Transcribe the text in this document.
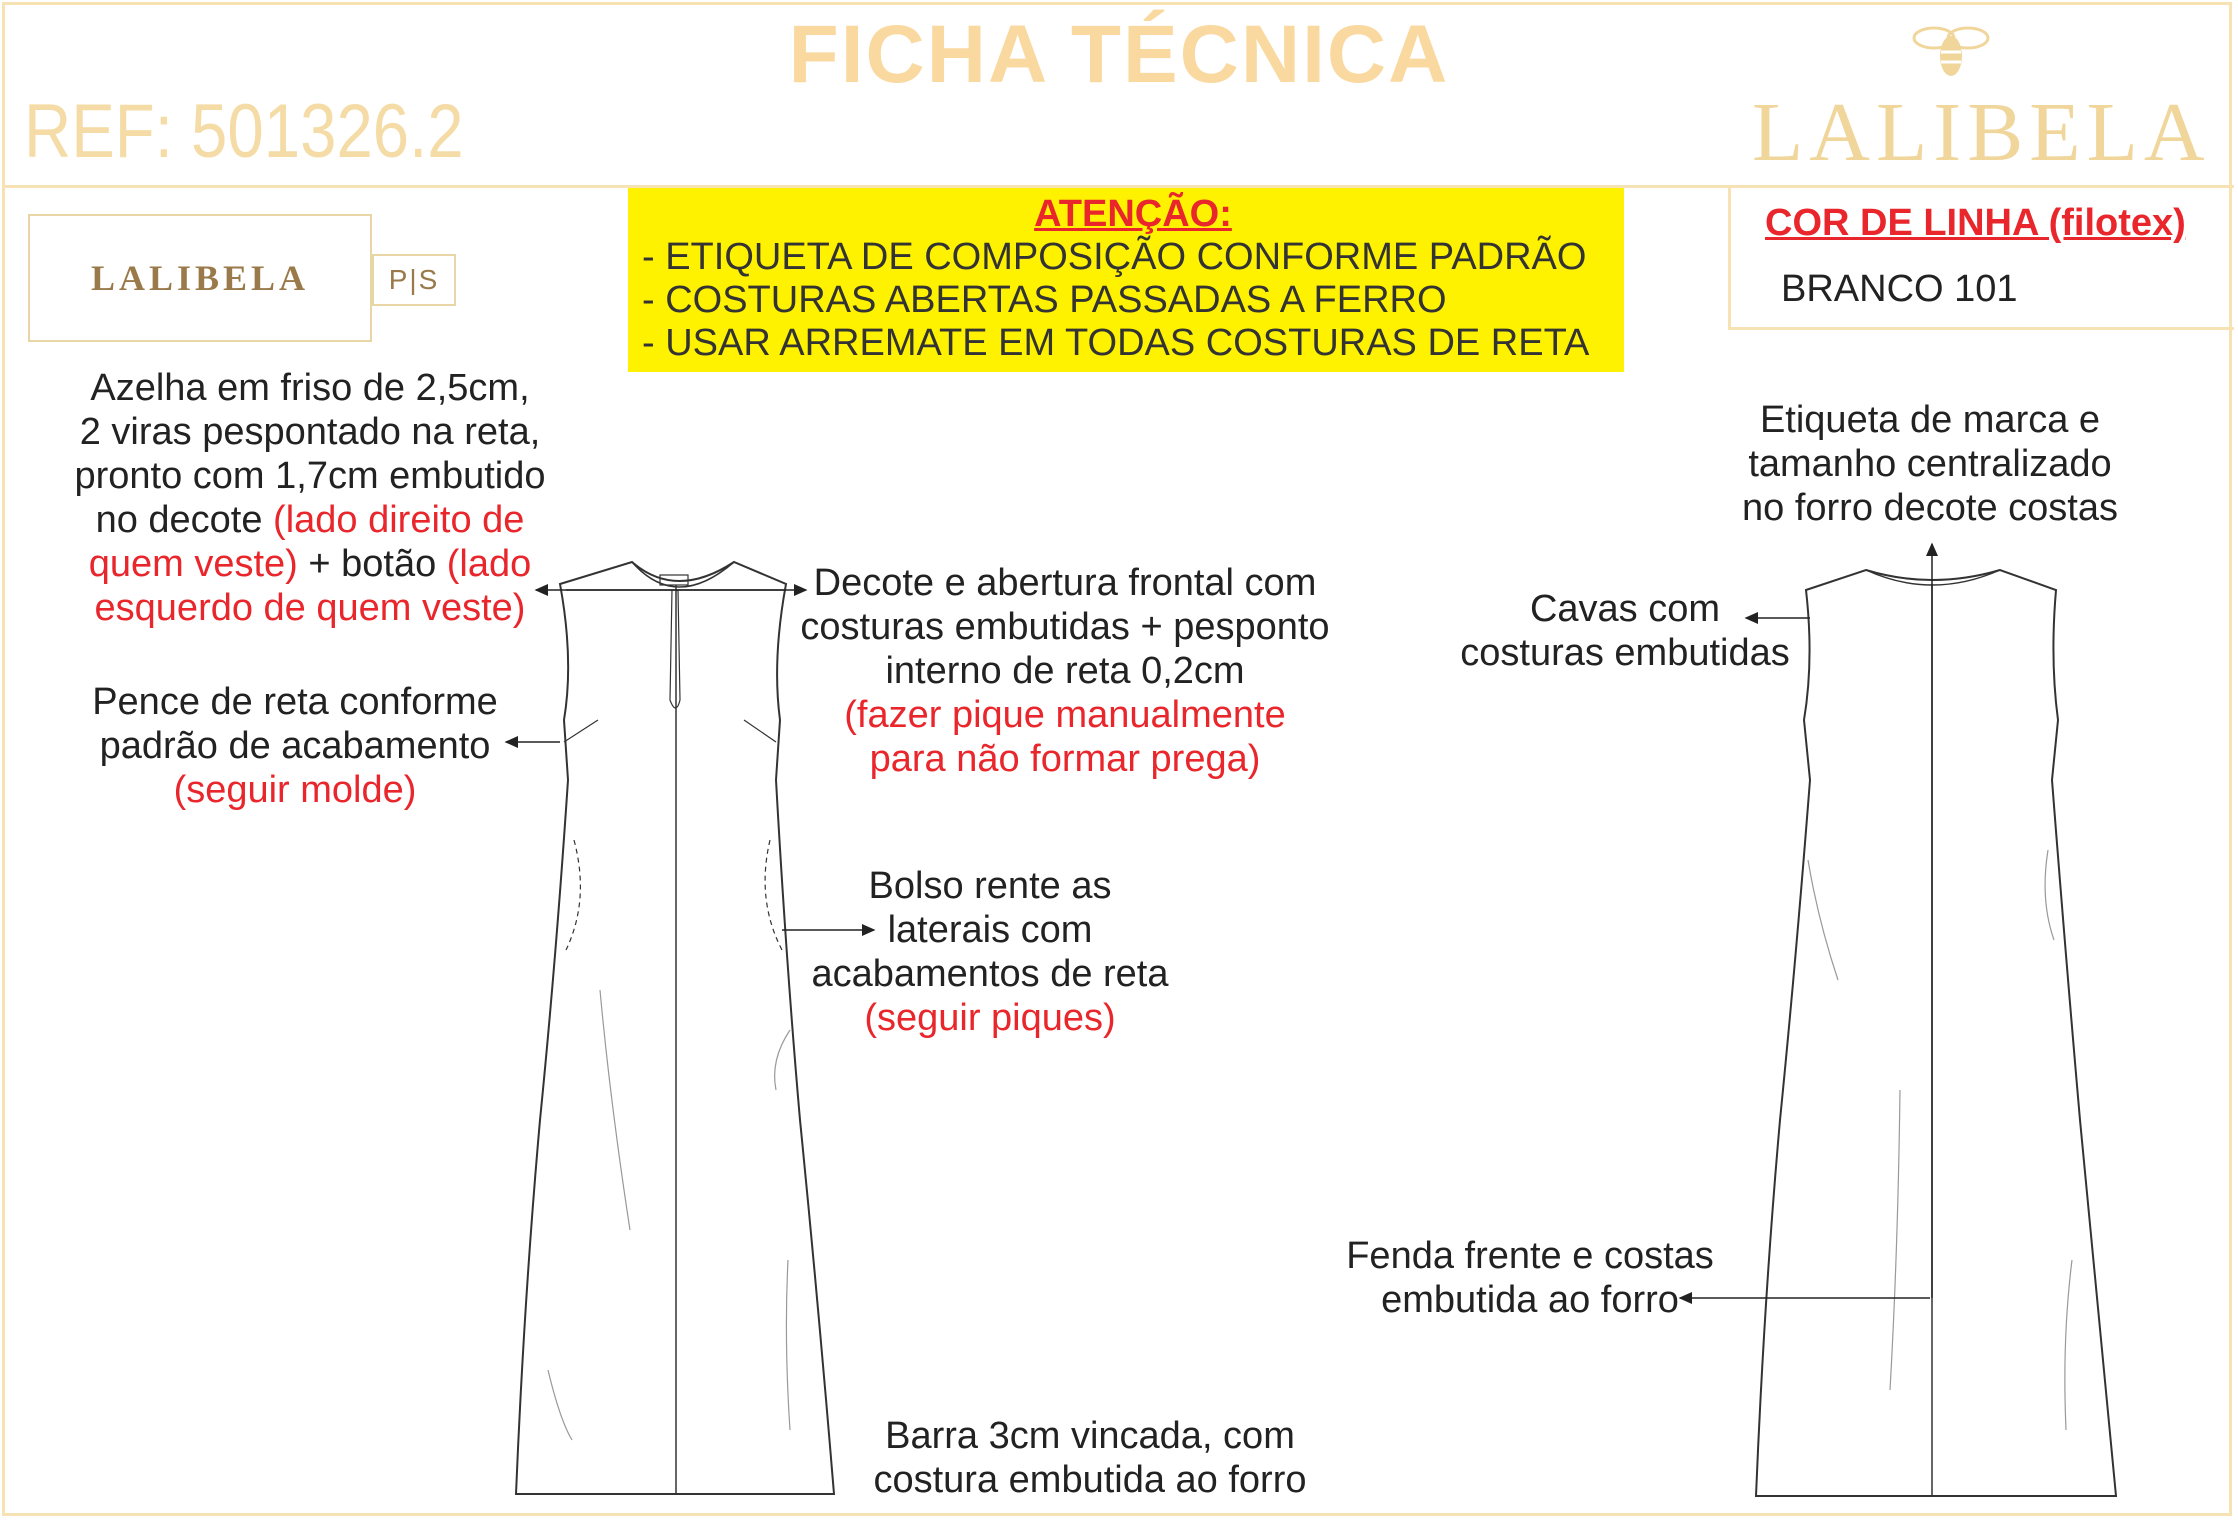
FICHA TÉCNICA
REF: 501326.2	LALIBELA
LALIBELA	P|S
ATENÇÃO:
- ETIQUETA DE COMPOSIÇÃO CONFORME PADRÃO
- COSTURAS ABERTAS PASSADAS A FERRO
- USAR ARREMATE EM TODAS COSTURAS DE RETA
COR DE LINHA (filotex)
BRANCO 101
Azelha em friso de 2,5cm,
2 viras pespontado na reta,
pronto com 1,7cm embutido
no decote (lado direito de
quem veste) + botão (lado
esquerdo de quem veste)
Pence de reta conforme
padrão de acabamento
(seguir molde)
Decote e abertura frontal com
costuras embutidas + pesponto
interno de reta 0,2cm
(fazer pique manualmente
para não formar prega)
Bolso rente as
laterais com
acabamentos de reta
(seguir piques)
Barra 3cm vincada, com
costura embutida ao forro
Etiqueta de marca e
tamanho centralizado
no forro decote costas
Cavas com
costuras embutidas
Fenda frente e costas
embutida ao forro
